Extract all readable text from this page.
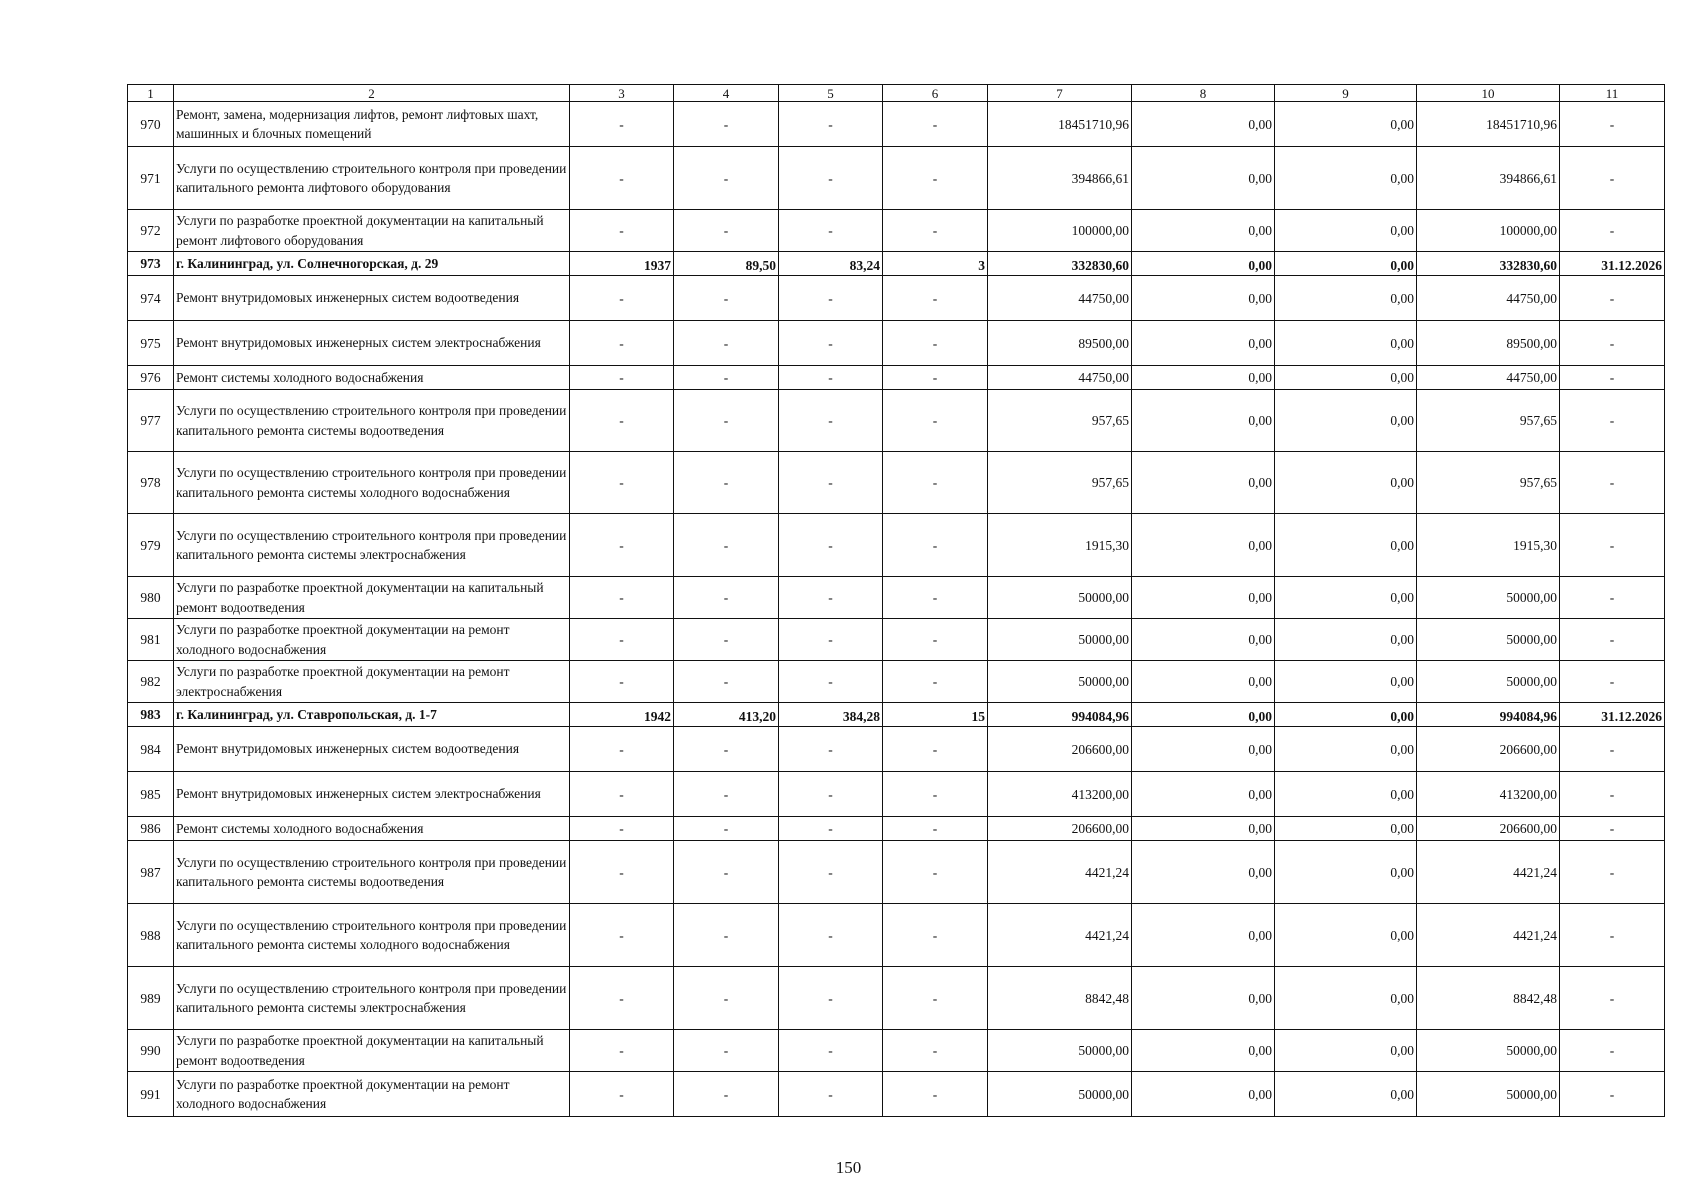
1	2	3	4	5	6	7	8	9	10	11
970	Ремонт, замена, модернизация лифтов, ремонт лифтовых шахт, машинных и блочных помещений	-	-	-	-	18451710,96	0,00	0,00	18451710,96	-
971	Услуги по осуществлению строительного контроля при проведении капитального ремонта лифтового оборудования	-	-	-	-	394866,61	0,00	0,00	394866,61	-
972	Услуги по разработке проектной документации на капитальный ремонт лифтового оборудования	-	-	-	-	100000,00	0,00	0,00	100000,00	-
973	г. Калининград, ул. Солнечногорская, д. 29	1937	89,50	83,24	3	332830,60	0,00	0,00	332830,60	31.12.2026
974	Ремонт внутридомовых инженерных систем водоотведения	-	-	-	-	44750,00	0,00	0,00	44750,00	-
975	Ремонт внутридомовых инженерных систем электроснабжения	-	-	-	-	89500,00	0,00	0,00	89500,00	-
976	Ремонт системы холодного водоснабжения	-	-	-	-	44750,00	0,00	0,00	44750,00	-
977	Услуги по осуществлению строительного контроля при проведении капитального ремонта системы водоотведения	-	-	-	-	957,65	0,00	0,00	957,65	-
978	Услуги по осуществлению строительного контроля при проведении капитального ремонта системы холодного водоснабжения	-	-	-	-	957,65	0,00	0,00	957,65	-
979	Услуги по осуществлению строительного контроля при проведении капитального ремонта системы электроснабжения	-	-	-	-	1915,30	0,00	0,00	1915,30	-
980	Услуги по разработке проектной документации на капитальный ремонт водоотведения	-	-	-	-	50000,00	0,00	0,00	50000,00	-
981	Услуги по разработке проектной документации на ремонт холодного водоснабжения	-	-	-	-	50000,00	0,00	0,00	50000,00	-
982	Услуги по разработке проектной документации на ремонт электроснабжения	-	-	-	-	50000,00	0,00	0,00	50000,00	-
983	г. Калининград, ул. Ставропольская, д. 1-7	1942	413,20	384,28	15	994084,96	0,00	0,00	994084,96	31.12.2026
984	Ремонт внутридомовых инженерных систем водоотведения	-	-	-	-	206600,00	0,00	0,00	206600,00	-
985	Ремонт внутридомовых инженерных систем электроснабжения	-	-	-	-	413200,00	0,00	0,00	413200,00	-
986	Ремонт системы холодного водоснабжения	-	-	-	-	206600,00	0,00	0,00	206600,00	-
987	Услуги по осуществлению строительного контроля при проведении капитального ремонта системы водоотведения	-	-	-	-	4421,24	0,00	0,00	4421,24	-
988	Услуги по осуществлению строительного контроля при проведении капитального ремонта системы холодного водоснабжения	-	-	-	-	4421,24	0,00	0,00	4421,24	-
989	Услуги по осуществлению строительного контроля при проведении капитального ремонта системы электроснабжения	-	-	-	-	8842,48	0,00	0,00	8842,48	-
990	Услуги по разработке проектной документации на капитальный ремонт водоотведения	-	-	-	-	50000,00	0,00	0,00	50000,00	-
991	Услуги по разработке проектной документации на ремонт холодного водоснабжения	-	-	-	-	50000,00	0,00	0,00	50000,00	-
150
